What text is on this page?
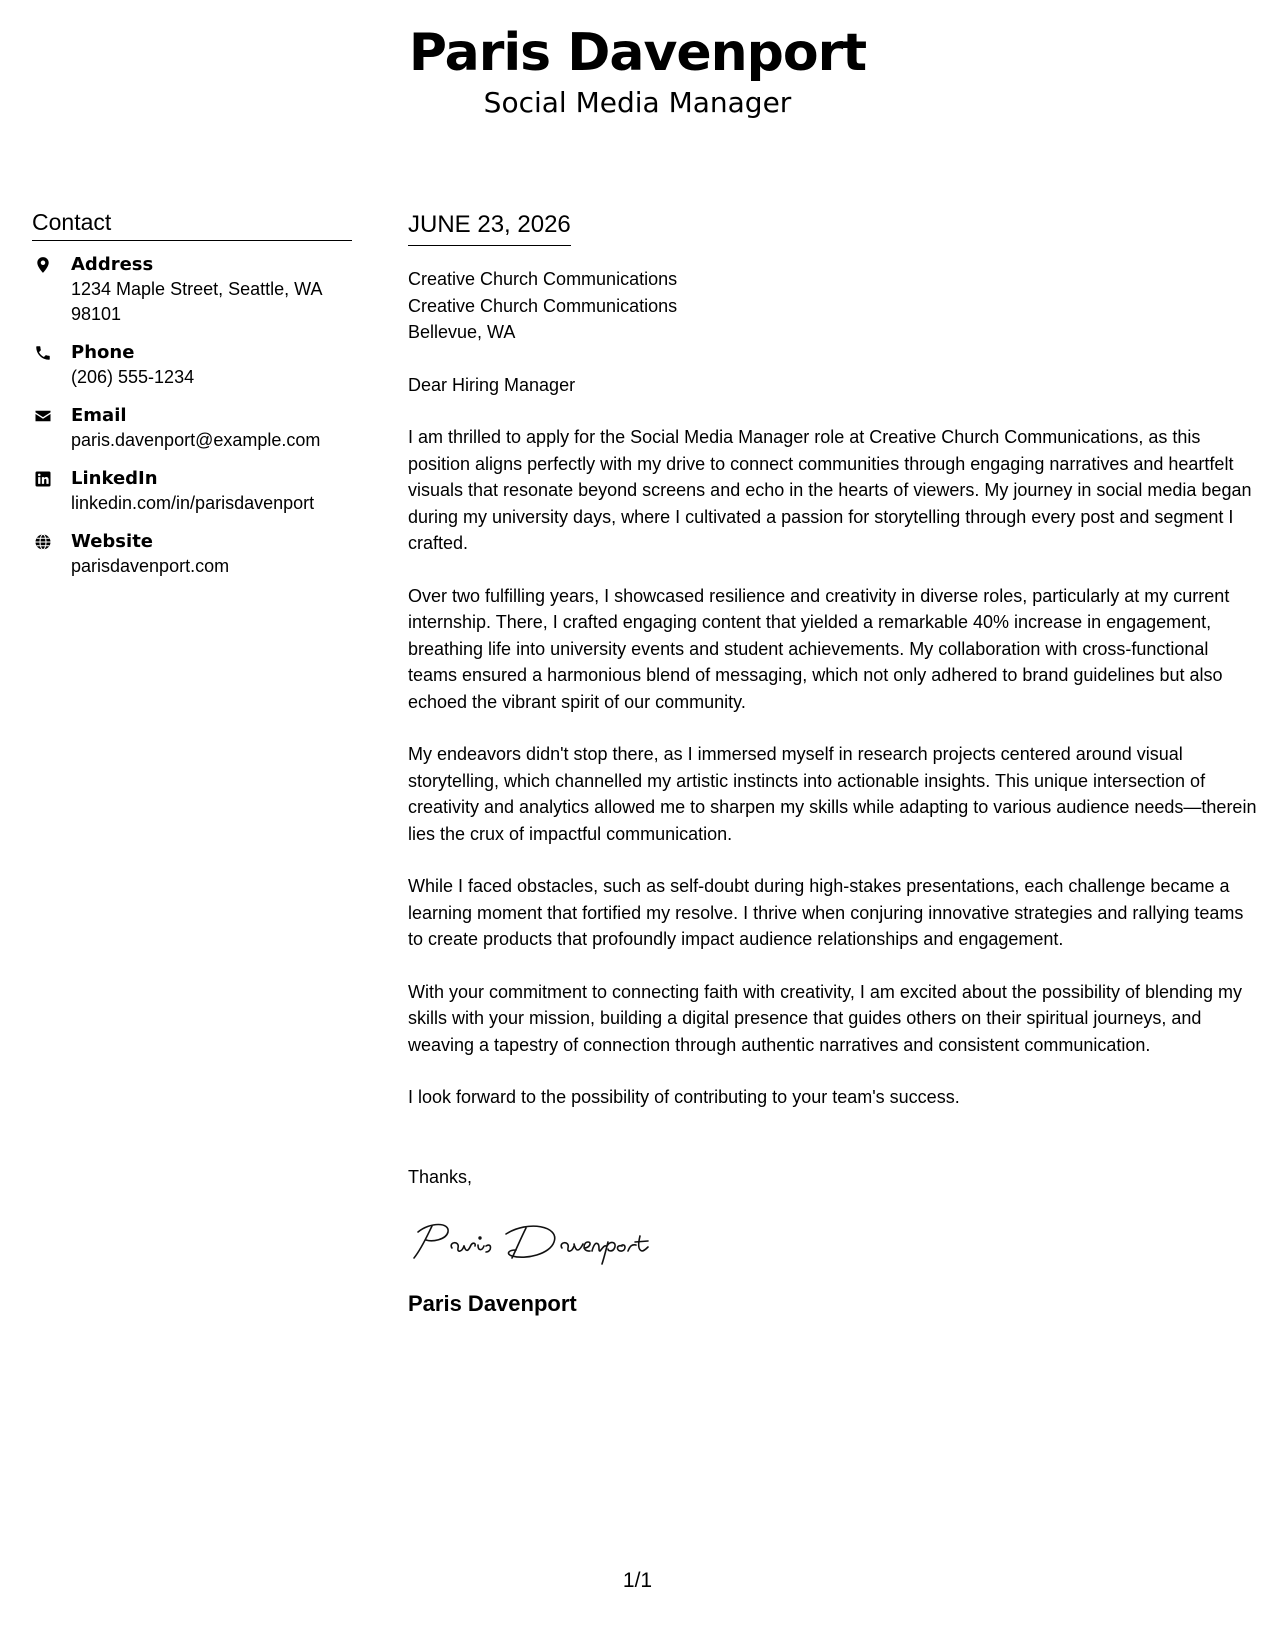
Paris Davenport
Social Media Manager
Contact
Address
1234 Maple Street, Seattle, WA 98101
Phone
(206) 555-1234
Email
paris.davenport@example.com
LinkedIn
linkedin.com/in/parisdavenport
Website
parisdavenport.com
JUNE 23, 2026
Creative Church Communications
Creative Church Communications
Bellevue, WA
Dear Hiring Manager
I am thrilled to apply for the Social Media Manager role at Creative Church Communications, as this position aligns perfectly with my drive to connect communities through engaging narratives and heartfelt visuals that resonate beyond screens and echo in the hearts of viewers. My journey in social media began during my university days, where I cultivated a passion for storytelling through every post and segment I crafted.
Over two fulfilling years, I showcased resilience and creativity in diverse roles, particularly at my current internship. There, I crafted engaging content that yielded a remarkable 40% increase in engagement, breathing life into university events and student achievements. My collaboration with cross-functional teams ensured a harmonious blend of messaging, which not only adhered to brand guidelines but also echoed the vibrant spirit of our community.
My endeavors didn't stop there, as I immersed myself in research projects centered around visual storytelling, which channelled my artistic instincts into actionable insights. This unique intersection of creativity and analytics allowed me to sharpen my skills while adapting to various audience needs—therein lies the crux of impactful communication.
While I faced obstacles, such as self-doubt during high-stakes presentations, each challenge became a learning moment that fortified my resolve. I thrive when conjuring innovative strategies and rallying teams to create products that profoundly impact audience relationships and engagement.
With your commitment to connecting faith with creativity, I am excited about the possibility of blending my skills with your mission, building a digital presence that guides others on their spiritual journeys, and weaving a tapestry of connection through authentic narratives and consistent communication.
I look forward to the possibility of contributing to your team's success.
Thanks,
Paris Davenport
1/1
